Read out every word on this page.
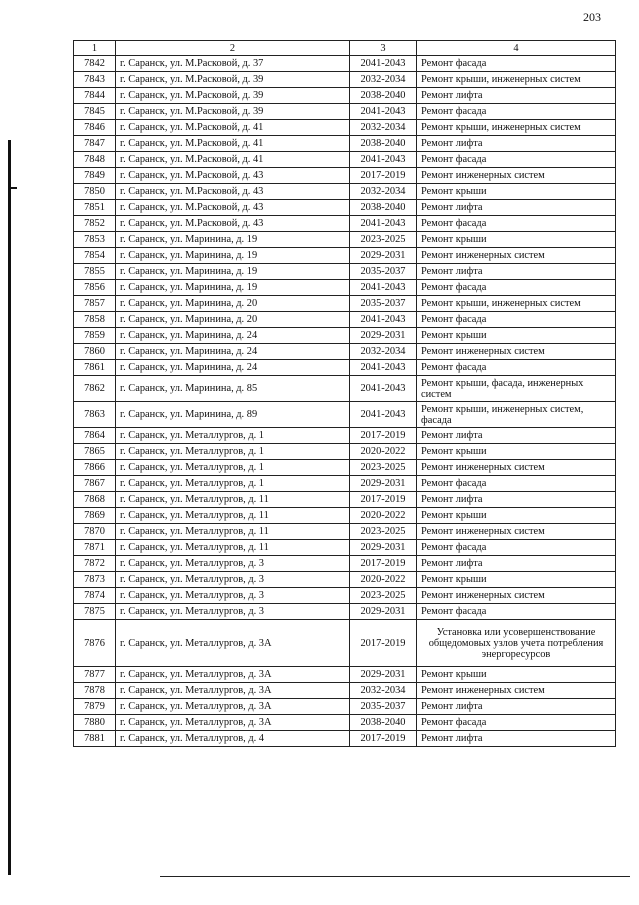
203
1	2	3	4
7842	г. Саранск, ул. М.Расковой, д. 37	2041-2043	Ремонт фасада
7843	г. Саранск, ул. М.Расковой, д. 39	2032-2034	Ремонт крыши, инженерных систем
7844	г. Саранск, ул. М.Расковой, д. 39	2038-2040	Ремонт лифта
7845	г. Саранск, ул. М.Расковой, д. 39	2041-2043	Ремонт фасада
7846	г. Саранск, ул. М.Расковой, д. 41	2032-2034	Ремонт крыши, инженерных систем
7847	г. Саранск, ул. М.Расковой, д. 41	2038-2040	Ремонт лифта
7848	г. Саранск, ул. М.Расковой, д. 41	2041-2043	Ремонт фасада
7849	г. Саранск, ул. М.Расковой, д. 43	2017-2019	Ремонт инженерных систем
7850	г. Саранск, ул. М.Расковой, д. 43	2032-2034	Ремонт крыши
7851	г. Саранск, ул. М.Расковой, д. 43	2038-2040	Ремонт лифта
7852	г. Саранск, ул. М.Расковой, д. 43	2041-2043	Ремонт фасада
7853	г. Саранск, ул. Маринина, д. 19	2023-2025	Ремонт крыши
7854	г. Саранск, ул. Маринина, д. 19	2029-2031	Ремонт инженерных систем
7855	г. Саранск, ул. Маринина, д. 19	2035-2037	Ремонт лифта
7856	г. Саранск, ул. Маринина, д. 19	2041-2043	Ремонт фасада
7857	г. Саранск, ул. Маринина, д. 20	2035-2037	Ремонт крыши, инженерных систем
7858	г. Саранск, ул. Маринина, д. 20	2041-2043	Ремонт фасада
7859	г. Саранск, ул. Маринина, д. 24	2029-2031	Ремонт крыши
7860	г. Саранск, ул. Маринина, д. 24	2032-2034	Ремонт инженерных систем
7861	г. Саранск, ул. Маринина, д. 24	2041-2043	Ремонт фасада
7862	г. Саранск, ул. Маринина, д. 85	2041-2043	Ремонт крыши, фасада, инженерных систем
7863	г. Саранск, ул. Маринина, д. 89	2041-2043	Ремонт крыши, инженерных систем, фасада
7864	г. Саранск, ул. Металлургов, д. 1	2017-2019	Ремонт лифта
7865	г. Саранск, ул. Металлургов, д. 1	2020-2022	Ремонт крыши
7866	г. Саранск, ул. Металлургов, д. 1	2023-2025	Ремонт инженерных систем
7867	г. Саранск, ул. Металлургов, д. 1	2029-2031	Ремонт фасада
7868	г. Саранск, ул. Металлургов, д. 11	2017-2019	Ремонт лифта
7869	г. Саранск, ул. Металлургов, д. 11	2020-2022	Ремонт крыши
7870	г. Саранск, ул. Металлургов, д. 11	2023-2025	Ремонт инженерных систем
7871	г. Саранск, ул. Металлургов, д. 11	2029-2031	Ремонт фасада
7872	г. Саранск, ул. Металлургов, д. 3	2017-2019	Ремонт лифта
7873	г. Саранск, ул. Металлургов, д. 3	2020-2022	Ремонт крыши
7874	г. Саранск, ул. Металлургов, д. 3	2023-2025	Ремонт инженерных систем
7875	г. Саранск, ул. Металлургов, д. 3	2029-2031	Ремонт фасада
7876	г. Саранск, ул. Металлургов, д. 3А	2017-2019	Установка или усовершенствование общедомовых узлов учета потребления энергоресурсов
7877	г. Саранск, ул. Металлургов, д. 3А	2029-2031	Ремонт крыши
7878	г. Саранск, ул. Металлургов, д. 3А	2032-2034	Ремонт инженерных систем
7879	г. Саранск, ул. Металлургов, д. 3А	2035-2037	Ремонт лифта
7880	г. Саранск, ул. Металлургов, д. 3А	2038-2040	Ремонт фасада
7881	г. Саранск, ул. Металлургов, д. 4	2017-2019	Ремонт лифта
